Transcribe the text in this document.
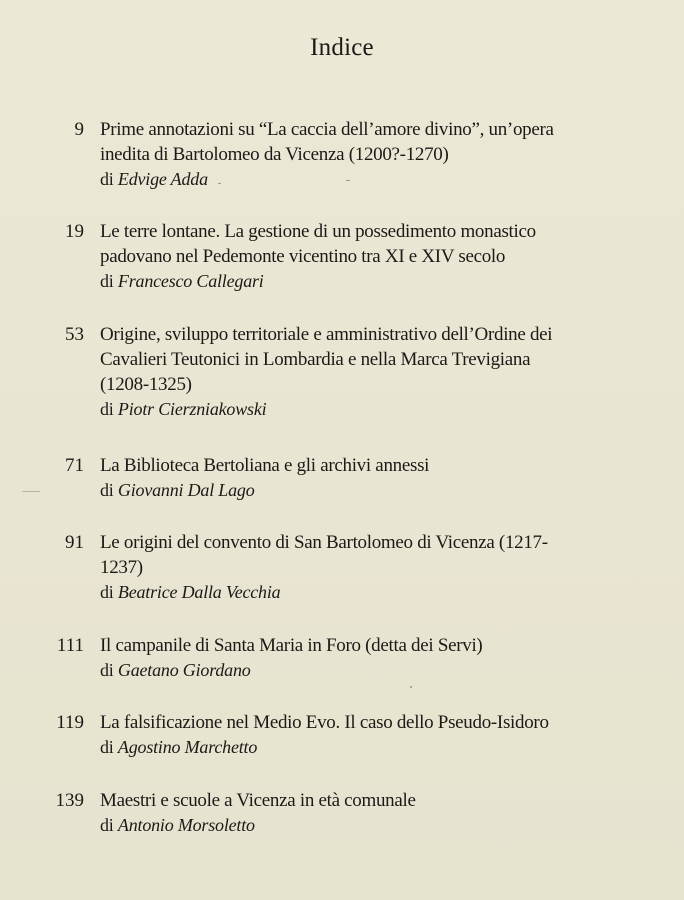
Indice
9 Prime annotazioni su “La caccia dell’amore divino”, un’opera
inedita di Bartolomeo da Vicenza (1200?-1270)
di Edvige Adda
19 Le terre lontane. La gestione di un possedimento monastico
padovano nel Pedemonte vicentino tra XI e XIV secolo
di Francesco Callegari
53 Origine, sviluppo territoriale e amministrativo dell’Ordine dei
Cavalieri Teutonici in Lombardia e nella Marca Trevigiana
(1208-1325)
di Piotr Cierzniakowski
71 La Biblioteca Bertoliana e gli archivi annessi
di Giovanni Dal Lago
91 Le origini del convento di San Bartolomeo di Vicenza (1217-
1237)
di Beatrice Dalla Vecchia
111 Il campanile di Santa Maria in Foro (detta dei Servi)
di Gaetano Giordano
119 La falsificazione nel Medio Evo. Il caso dello Pseudo-Isidoro
di Agostino Marchetto
139 Maestri e scuole a Vicenza in età comunale
di Antonio Morsoletto
